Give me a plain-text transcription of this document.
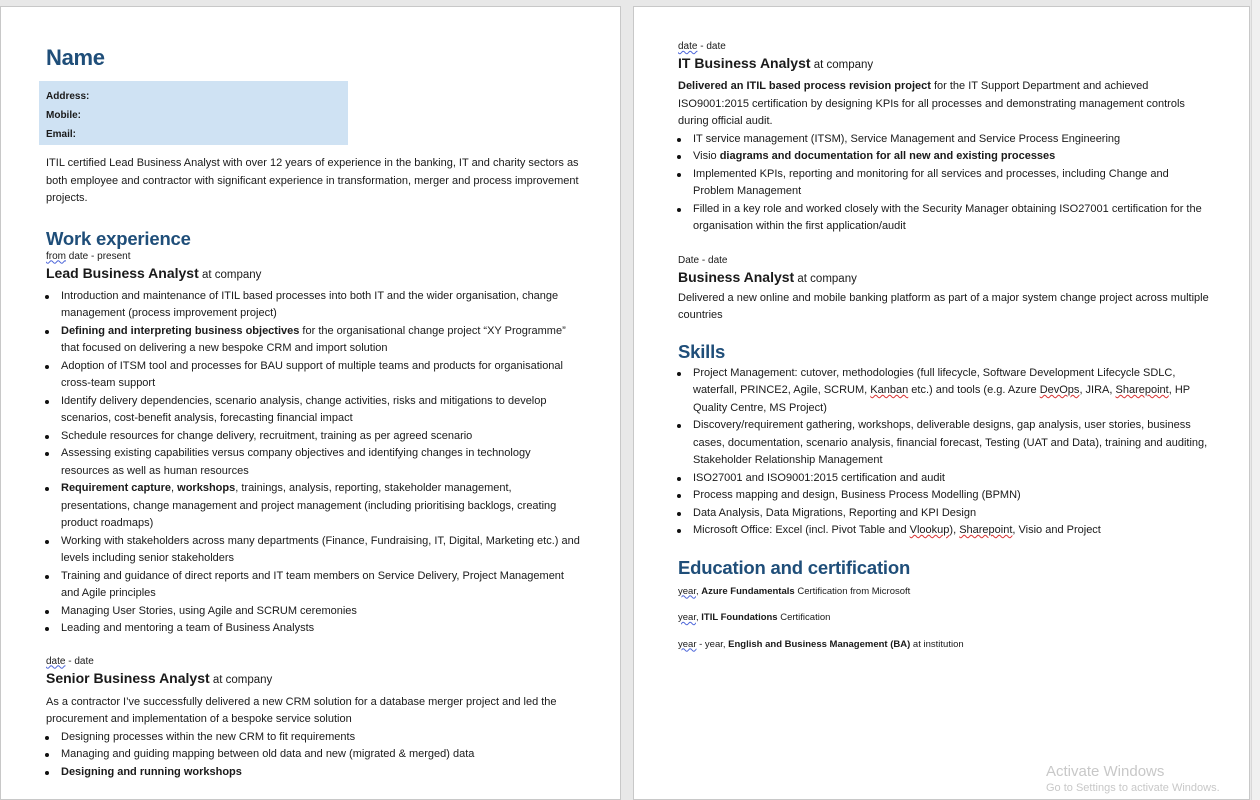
Name
Address:
Mobile:
Email:

ITIL certified Lead Business Analyst with over 12 years of experience in the banking, IT and charity sectors as both employee and contractor with significant experience in transformation, merger and process improvement projects.

Work experience
from date - present
Lead Business Analyst at company
Introduction and maintenance of ITIL based processes into both IT and the wider organisation, change management (process improvement project)
Defining and interpreting business objectives for the organisational change project “XY Programme” that focused on delivering a new bespoke CRM and import solution
Adoption of ITSM tool and processes for BAU support of multiple teams and products for organisational cross-team support
Identify delivery dependencies, scenario analysis, change activities, risks and mitigations to develop scenarios, cost-benefit analysis, forecasting financial impact
Schedule resources for change delivery, recruitment, training as per agreed scenario
Assessing existing capabilities versus company objectives and identifying changes in technology resources as well as human resources
Requirement capture, workshops, trainings, analysis, reporting, stakeholder management, presentations, change management and project management (including prioritising backlogs, creating product roadmaps)
Working with stakeholders across many departments (Finance, Fundraising, IT, Digital, Marketing etc.) and levels including senior stakeholders
Training and guidance of direct reports and IT team members on Service Delivery, Project Management and Agile principles
Managing User Stories, using Agile and SCRUM ceremonies
Leading and mentoring a team of Business Analysts
date - date
Senior Business Analyst at company

As a contractor I’ve successfully delivered a new CRM solution for a database merger project and led the procurement and implementation of a bespoke service solution

Designing processes within the new CRM to fit requirements
Managing and guiding mapping between old data and new (migrated & merged) data
Designing and running workshops
date - date
IT Business Analyst at company

Delivered an ITIL based process revision project for the IT Support Department and achieved ISO9001:2015 certification by designing KPIs for all processes and demonstrating management controls during official audit.

IT service management (ITSM), Service Management and Service Process Engineering
Visio diagrams and documentation for all new and existing processes
Implemented KPIs, reporting and monitoring for all services and processes, including Change and Problem Management
Filled in a key role and worked closely with the Security Manager obtaining ISO27001 certification for the organisation within the first application/audit
Date - date
Business Analyst at company

Delivered a new online and mobile banking platform as part of a major system change project across multiple countries

Skills
Project Management: cutover, methodologies (full lifecycle, Software Development Lifecycle SDLC, waterfall, PRINCE2, Agile, SCRUM, Kanban etc.) and tools (e.g. Azure DevOps, JIRA, Sharepoint, HP Quality Centre, MS Project)
Discovery/requirement gathering, workshops, deliverable designs, gap analysis, user stories, business cases, documentation, scenario analysis, financial forecast, Testing (UAT and Data), training and auditing, Stakeholder Relationship Management
ISO27001 and ISO9001:2015 certification and audit
Process mapping and design, Business Process Modelling (BPMN)
Data Analysis, Data Migrations, Reporting and KPI Design
Microsoft Office: Excel (incl. Pivot Table and Vlookup), Sharepoint, Visio and Project
Education and certification
year, Azure Fundamentals Certification from Microsoft
year, ITIL Foundations Certification
year - year, English and Business Management (BA) at institution
Activate Windows
Go to Settings to activate Windows.
